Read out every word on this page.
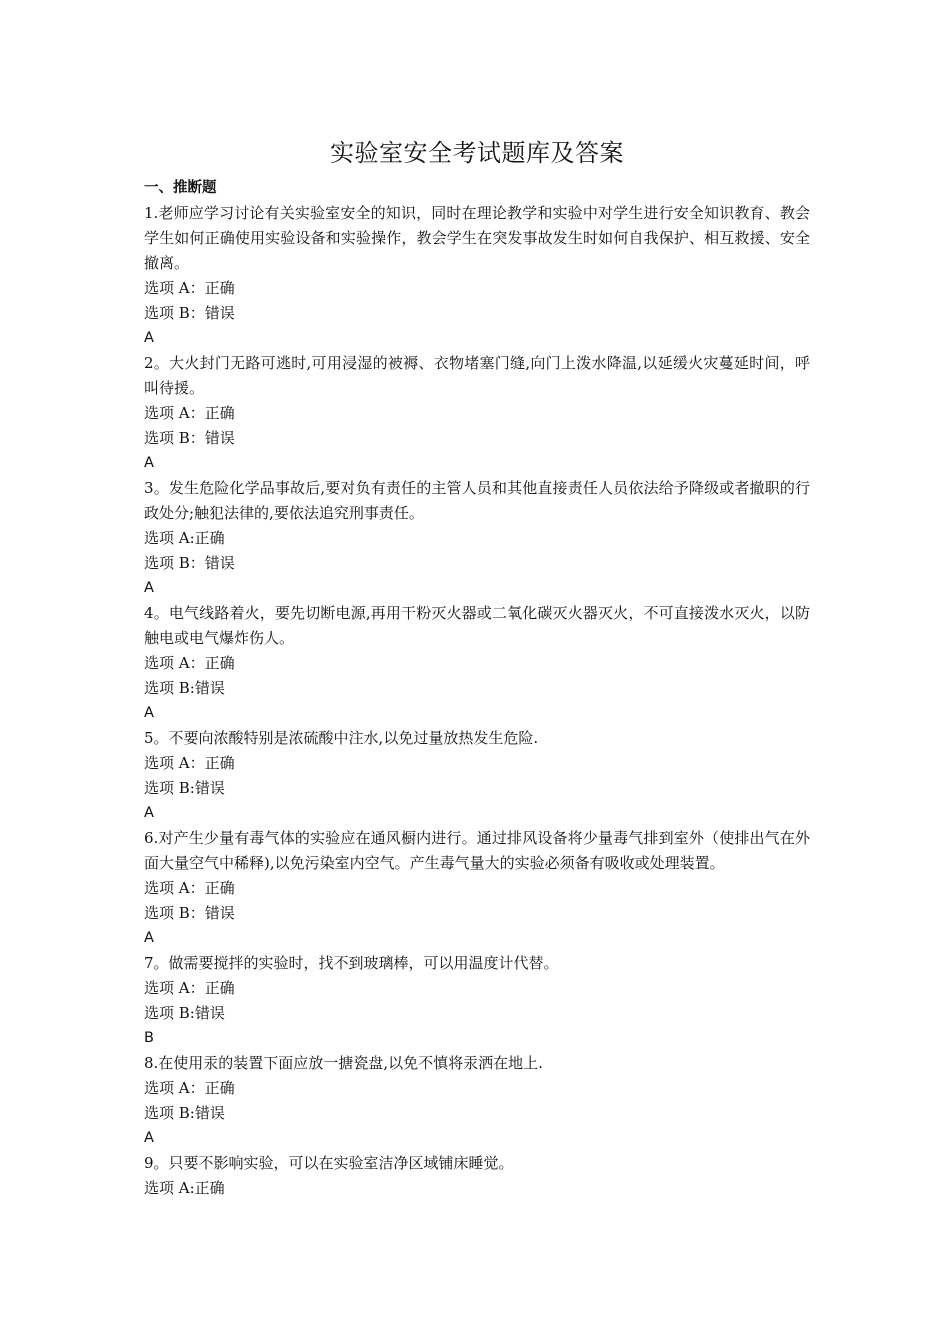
实验室安全考试题库及答案

一、推断题

1.老师应学习讨论有关实验室安全的知识，同时在理论教学和实验中对学生进行安全知识教育、教会学生如何正确使用实验设备和实验操作，教会学生在突发事故发生时如何自我保护、相互救援、安全撤离。

选项 A：正确

选项 B：错误

A

2。大火封门无路可逃时,可用浸湿的被褥、衣物堵塞门缝,向门上泼水降温,以延缓火灾蔓延时间，呼叫待援。

选项 A：正确

选项 B：错误

A

3。发生危险化学品事故后,要对负有责任的主管人员和其他直接责任人员依法给予降级或者撤职的行政处分;触犯法律的,要依法追究刑事责任。

选项 A:正确

选项 B：错误

A

4。电气线路着火，要先切断电源,再用干粉灭火器或二氧化碳灭火器灭火，不可直接泼水灭火，以防触电或电气爆炸伤人。

选项 A：正确

选项 B:错误

A

5。不要向浓酸特别是浓硫酸中注水,以免过量放热发生危险.

选项 A：正确

选项 B:错误

A

6.对产生少量有毒气体的实验应在通风橱内进行。通过排风设备将少量毒气排到室外（使排出气在外面大量空气中稀释),以免污染室内空气。产生毒气量大的实验必须备有吸收或处理装置。

选项 A：正确

选项 B：错误

A

7。做需要搅拌的实验时，找不到玻璃棒，可以用温度计代替。

选项 A：正确

选项 B:错误

B

8.在使用汞的装置下面应放一搪瓷盘,以免不慎将汞洒在地上.

选项 A：正确

选项 B:错误

A

9。只要不影响实验，可以在实验室洁净区域铺床睡觉。

选项 A:正确
